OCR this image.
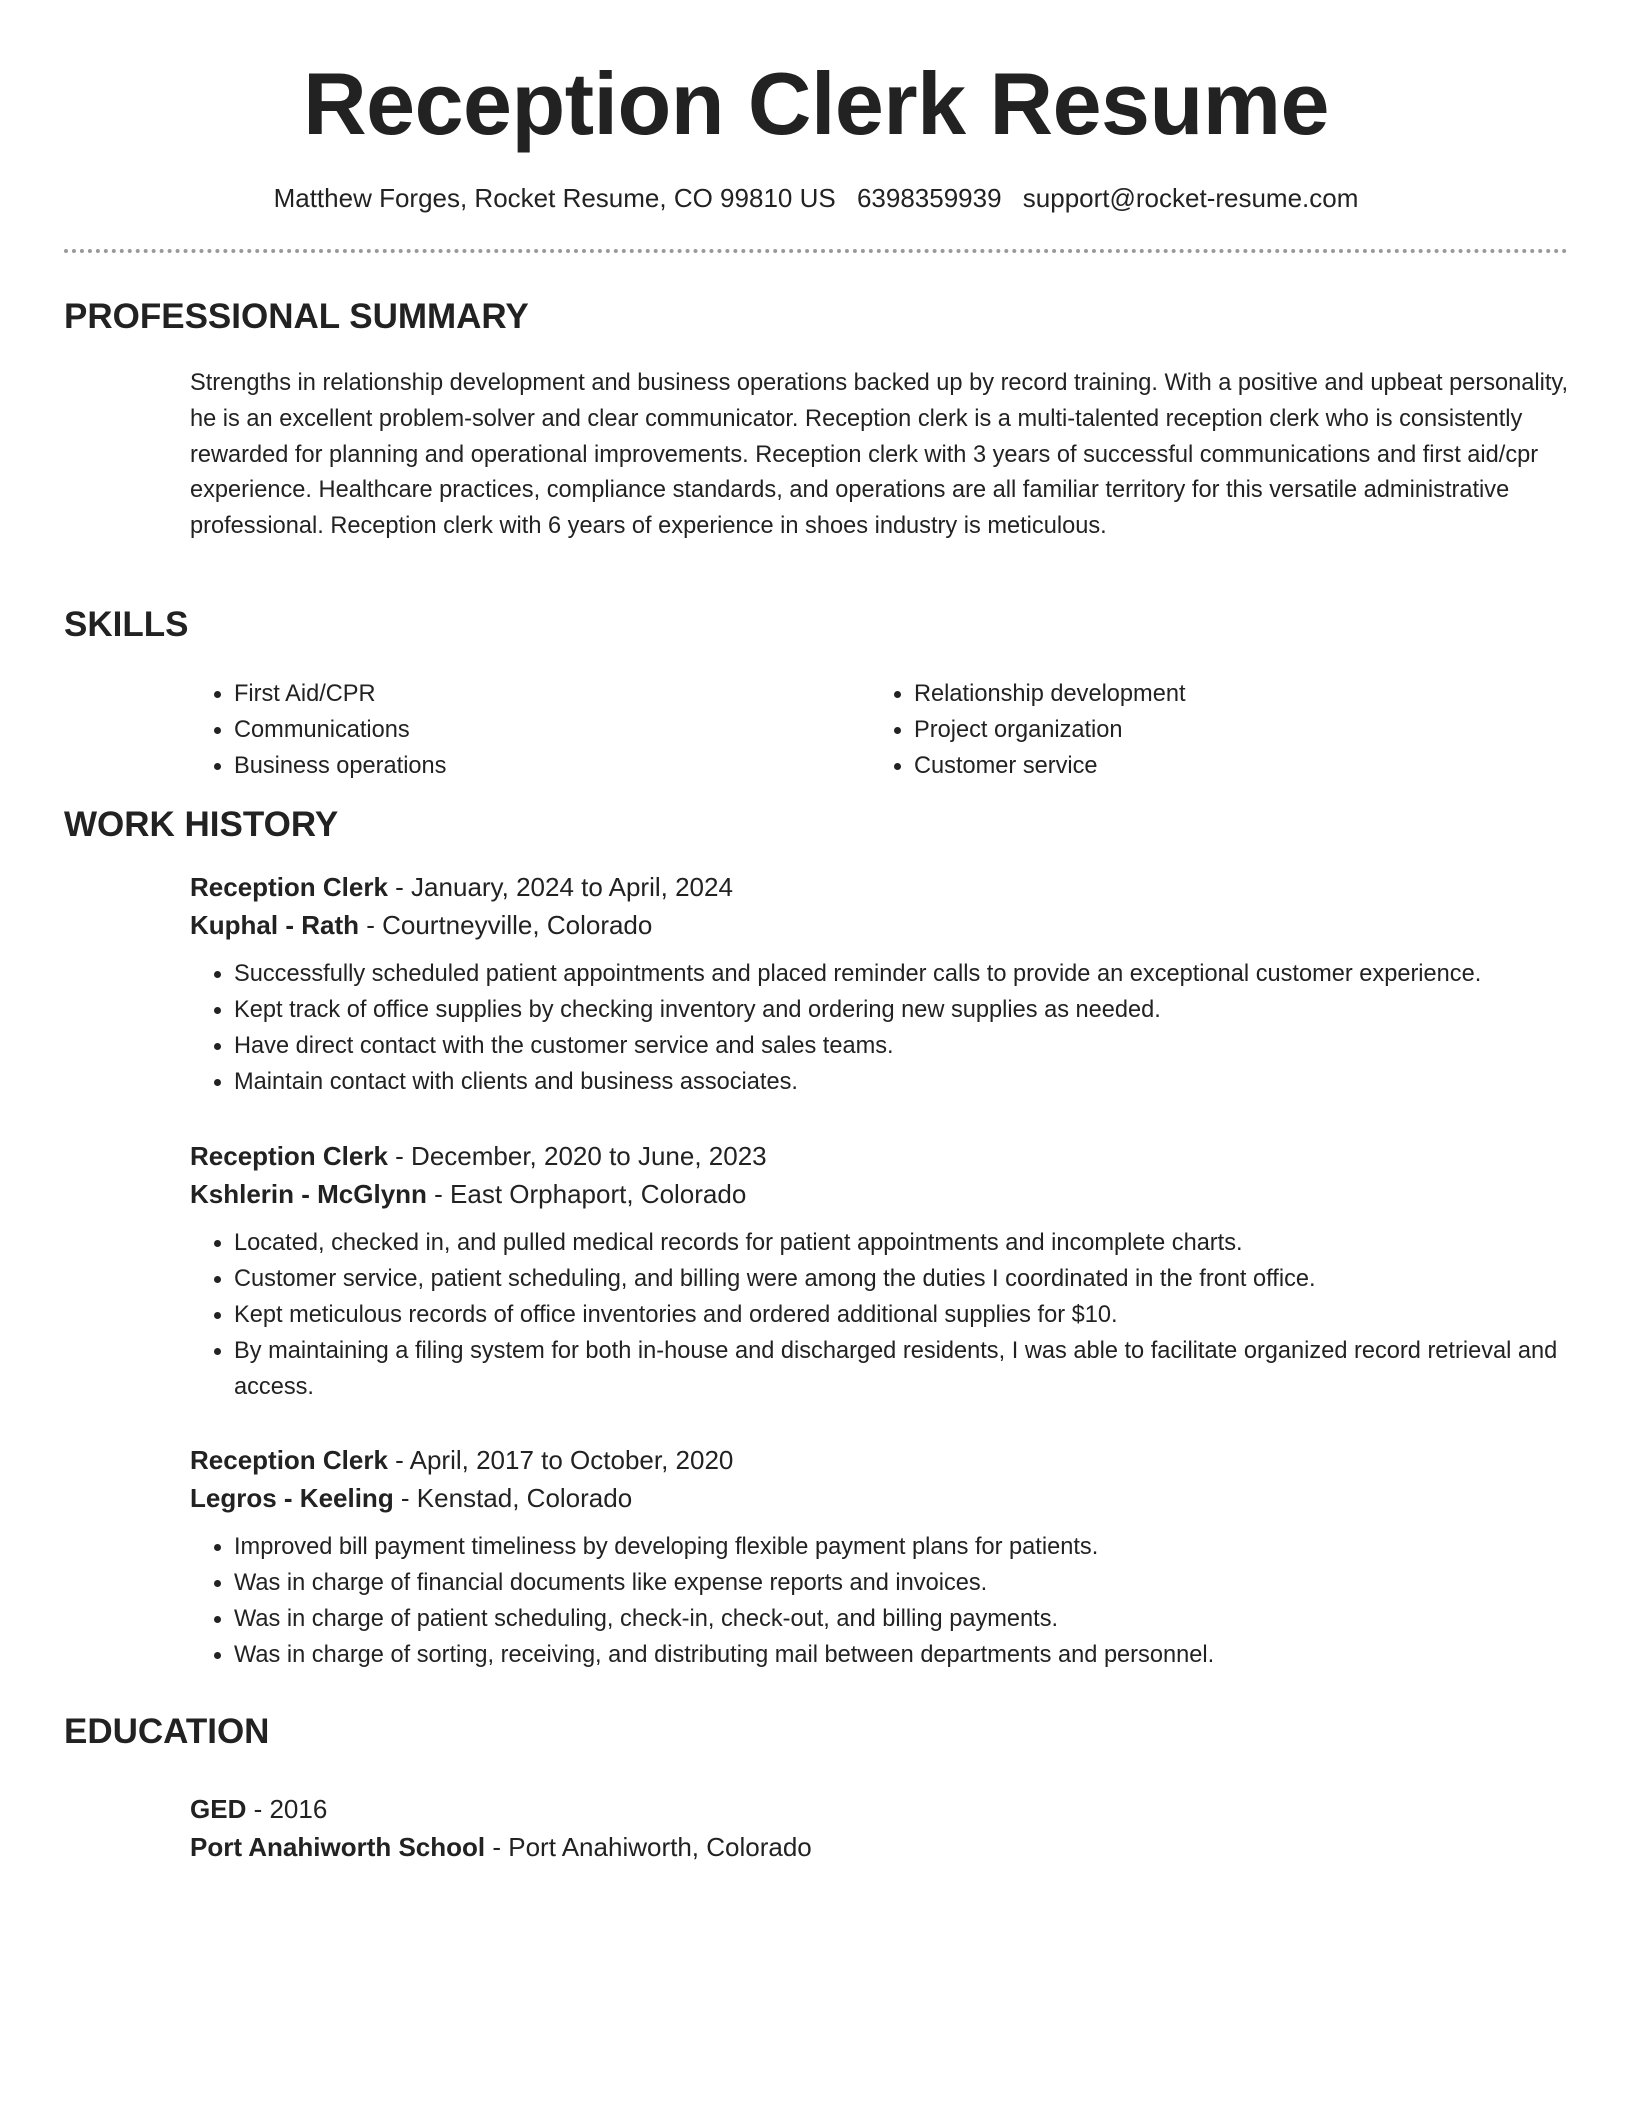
Reception Clerk Resume
Matthew Forges, Rocket Resume, CO 99810 US 6398359939 support@rocket-resume.com
PROFESSIONAL SUMMARY

Strengths in relationship development and business operations backed up by record training. With a positive and upbeat personality, he is an excellent problem-solver and clear communicator. Reception clerk is a multi-talented reception clerk who is consistently rewarded for planning and operational improvements. Reception clerk with 3 years of successful communications and first aid/cpr experience. Healthcare practices, compliance standards, and operations are all familiar territory for this versatile administrative professional. Reception clerk with 6 years of experience in shoes industry is meticulous.

SKILLS
• First Aid/CPR
• Communications
• Business operations
• Relationship development
• Project organization
• Customer service
WORK HISTORY

Reception Clerk - January, 2024 to April, 2024

Kuphal - Rath - Courtneyville, Colorado

• Successfully scheduled patient appointments and placed reminder calls to provide an exceptional customer experience.
• Kept track of office supplies by checking inventory and ordering new supplies as needed.
• Have direct contact with the customer service and sales teams.
• Maintain contact with clients and business associates.

Reception Clerk - December, 2020 to June, 2023

Kshlerin - McGlynn - East Orphaport, Colorado

• Located, checked in, and pulled medical records for patient appointments and incomplete charts.
• Customer service, patient scheduling, and billing were among the duties I coordinated in the front office.
• Kept meticulous records of office inventories and ordered additional supplies for $10.
• By maintaining a filing system for both in-house and discharged residents, I was able to facilitate organized record retrieval and access.

Reception Clerk - April, 2017 to October, 2020

Legros - Keeling - Kenstad, Colorado

• Improved bill payment timeliness by developing flexible payment plans for patients.
• Was in charge of financial documents like expense reports and invoices.
• Was in charge of patient scheduling, check-in, check-out, and billing payments.
• Was in charge of sorting, receiving, and distributing mail between departments and personnel.
EDUCATION

GED - 2016

Port Anahiworth School - Port Anahiworth, Colorado
